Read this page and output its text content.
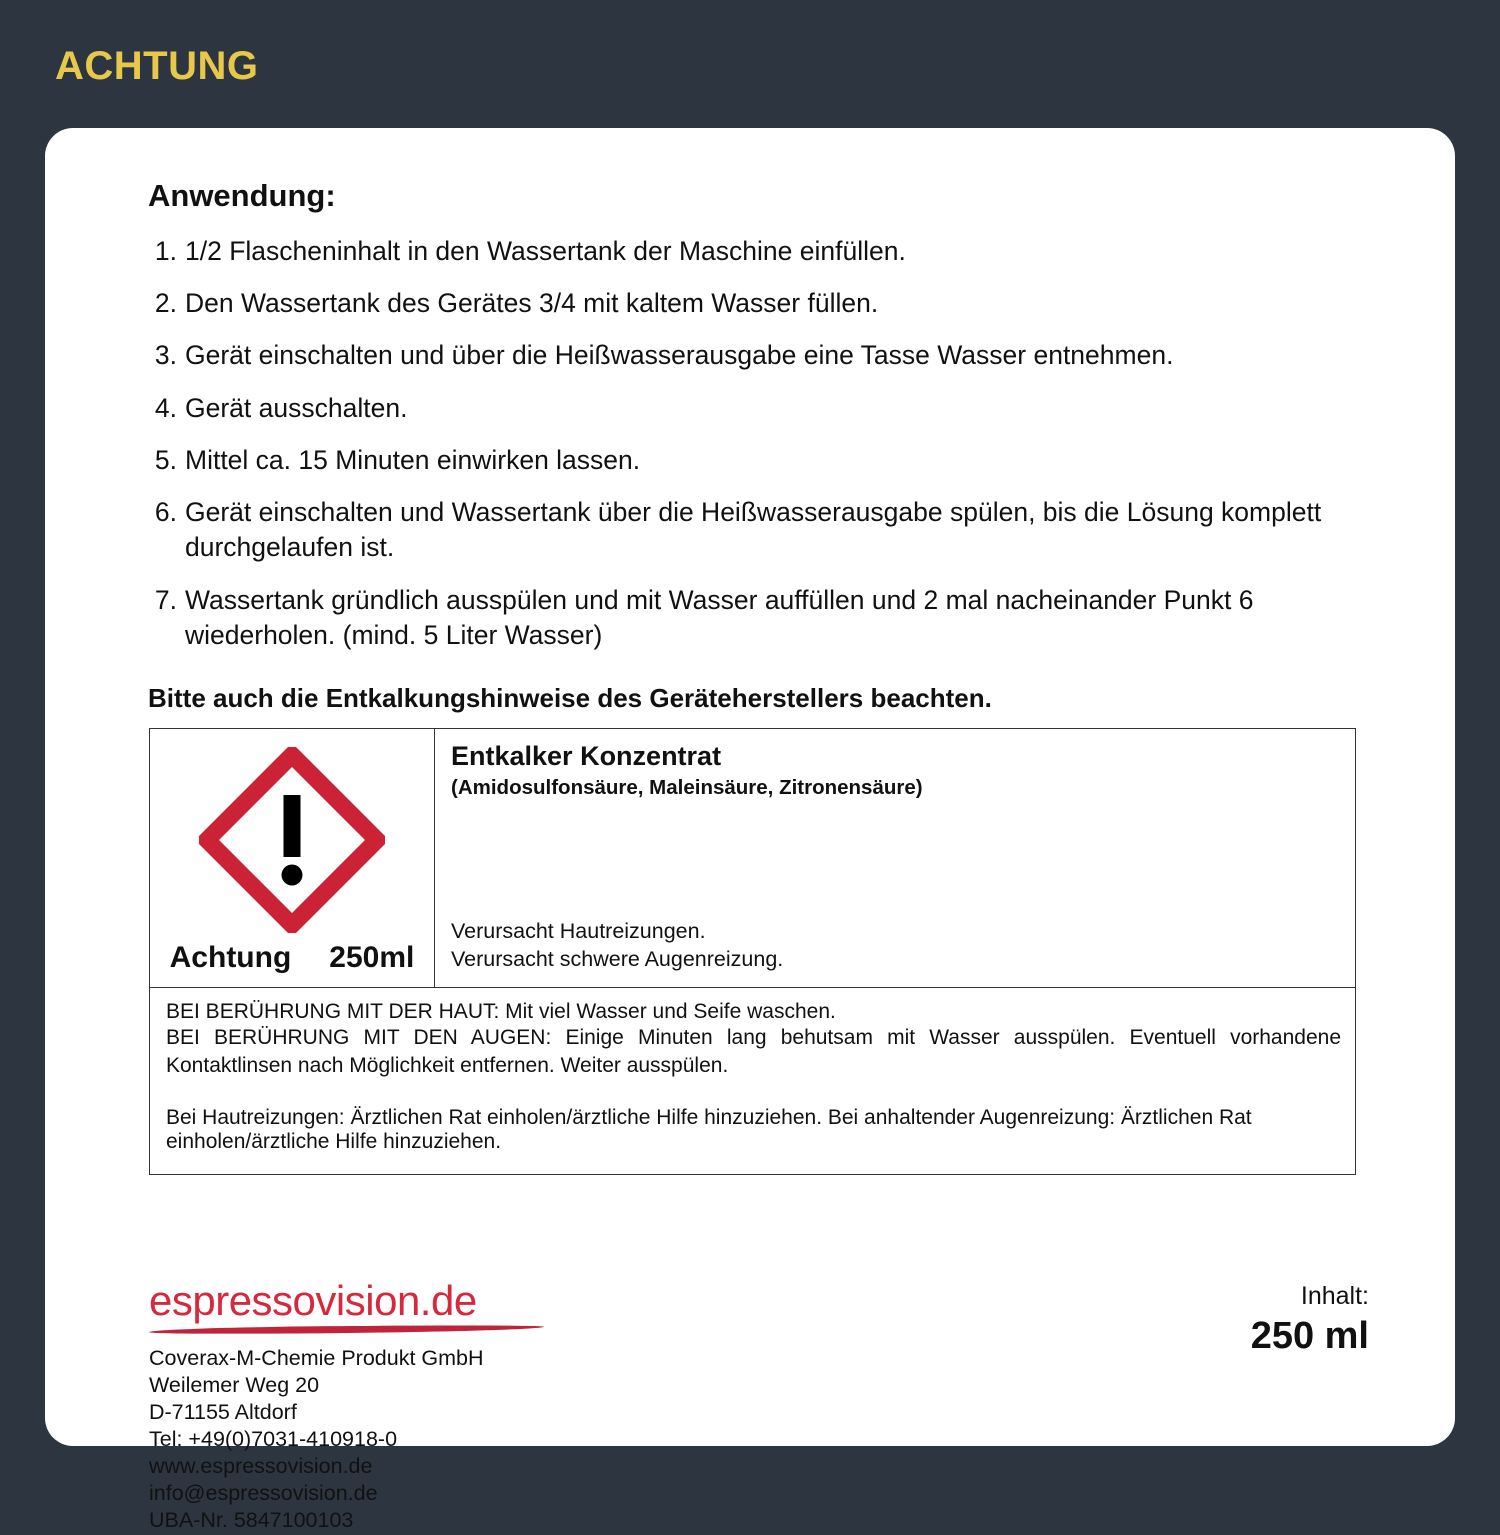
ACHTUNG
Anwendung:
1/2 Flascheninhalt in den Wassertank der Maschine einfüllen.
Den Wassertank des Gerätes 3/4 mit kaltem Wasser füllen.
Gerät einschalten und über die Heißwasserausgabe eine Tasse Wasser entnehmen.
Gerät ausschalten.
Mittel ca. 15 Minuten einwirken lassen.
Gerät einschalten und Wassertank über die Heißwasserausgabe spülen, bis die Lösung komplett durchgelaufen ist.
Wassertank gründlich ausspülen und mit Wasser auffüllen und 2 mal nacheinander Punkt 6 wiederholen. (mind. 5 Liter Wasser)
Bitte auch die Entkalkungshinweise des Geräteherstellers beachten.
Achtung 250ml
Entkalker Konzentrat
(Amidosulfonsäure, Maleinsäure, Zitronensäure)
Verursacht Hautreizungen.
Verursacht schwere Augenreizung.

BEI BERÜHRUNG MIT DER HAUT: Mit viel Wasser und Seife waschen.

BEI BERÜHRUNG MIT DEN AUGEN: Einige Minuten lang behutsam mit Wasser ausspülen. Eventuell vorhandene Kontaktlinsen nach Möglichkeit entfernen. Weiter ausspülen.

Bei Hautreizungen: Ärztlichen Rat einholen/ärztliche Hilfe hinzuziehen. Bei anhaltender Augenreizung: Ärztlichen Rat einholen/ärztliche Hilfe hinzuziehen.

espressovision.de
Coverax-M-Chemie Produkt GmbH
Weilemer Weg 20
D-71155 Altdorf
Tel: +49(0)7031-410918-0
www.espressovision.de
info@espressovision.de
UBA-Nr. 5847100103
Inhalt:
250 ml
